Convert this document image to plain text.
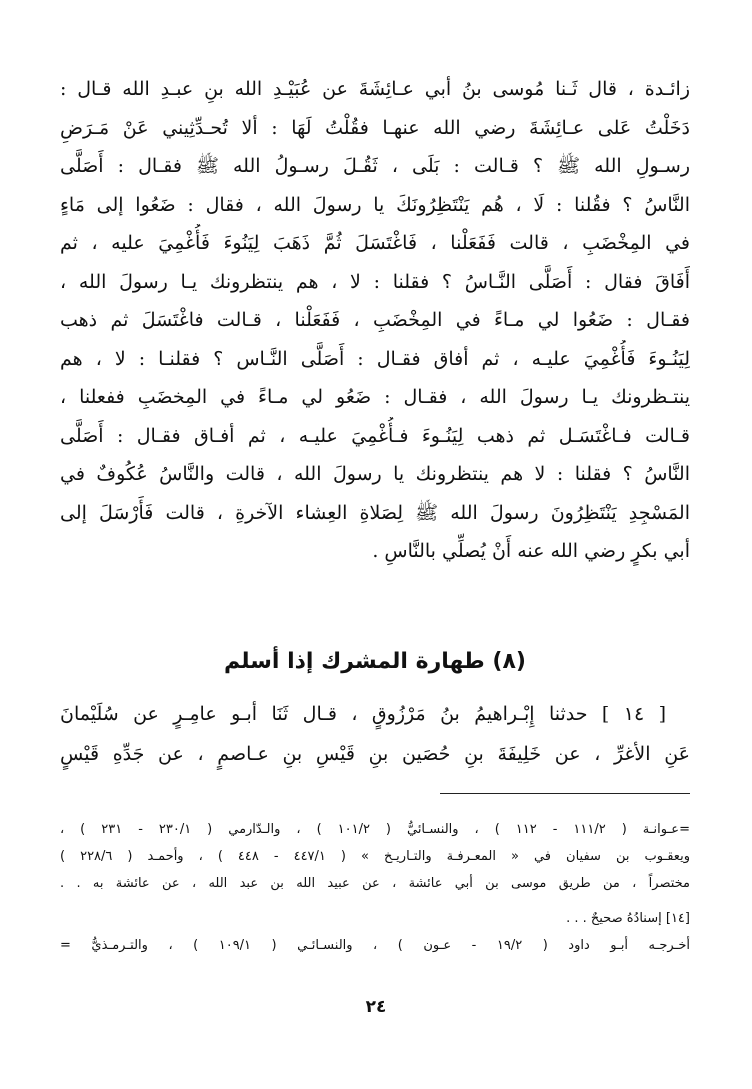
زائـدة ، قال ثَـنا مُوسى بنُ أبي عـائِشَةَ عن عُبَيْـدِ الله بنِ عبـدِ الله قـال :
دَخَلْتُ عَلى عـائِشَةَ رضي الله عنهـا فقُلْتُ لَهَا : ألا تُحـدِّثِيني عَنْ مَـرَضِ
رسـولِ الله ﷺ ؟ قـالت : بَلَى ، ثَقُـلَ رسـولُ الله ﷺ فقـال : أَصَلَّى
النَّاسُ ؟ فقُلنا : لَا ، هُم يَنْتَظِرُونَكَ يا رسولَ الله ، فقال : ضَعُوا إلى مَاءٍ
في المِخْضَبِ ، قالت فَفَعَلْنا ، فَاغْتَسَلَ ثُمَّ ذَهَبَ لِيَنُوءَ فَأُغْمِيَ عليه ، ثم
أَفَاقَ فقال : أَصَلَّى النَّـاسُ ؟ فقلنا : لا ، هم ينتظرونك يـا رسولَ الله ،
فقـال : ضَعُوا لي مـاءً في المِخْضَبِ ، فَفَعَلْنا ، قـالت فاغْتَسَلَ ثم ذهب
لِيَنُـوءَ فَأُغْمِيَ عليـه ، ثم أفاق فقـال : أَصَلَّى النَّـاس ؟ فقلنـا : لا ، هم
ينتـظرونك يـا رسولَ الله ، فقـال : ضَعُو لي مـاءً في المِخضَبِ ففعلنا ،
قـالت فـاغْتَسَـل ثم ذهب لِيَنُـوءَ فـأُغْمِيَ عليـه ، ثم أفـاق فقـال : أَصَلَّى
النَّاسُ ؟ فقلنا : لا هم ينتظرونك يا رسولَ الله ، قالت والنَّاسُ عُكُوفٌ في
المَسْجِدِ يَنْتَظِرُونَ رسولَ الله ﷺ لِصَلاةِ العِشاء الآخرةِ ، قالت فَأَرْسَلَ إلى
أبي بكرٍ رضي الله عنه أَنْ يُصلِّي بالنَّاسِ .
(٨) طهارة المشرك إذا أسلم
[ ١٤ ] حدثنا إِبْـراهيمُ بنُ مَرْزُوقٍ ، قـال ثَنَا أبـو عامِـرٍ عن سُلَيْمانَ
عَنِ الأغرِّ ، عن خَلِيفَةَ بنِ حُصَين بنِ قَيْسِ بنِ عـاصمٍ ، عن جَدِّهِ قَيْسٍ
=عـوانـة ( ١١١/٢ - ١١٢ ) ، والنسـائيُّ ( ١٠١/٢ ) ، والـدّارمي ( ٢٣٠/١ - ٢٣١ ) ،
ويعقـوب بن سفيان في « المعـرفـة والتـاريـخ » ( ٤٤٧/١ - ٤٤٨ ) ، وأحمـد ( ٢٢٨/٦ )
مختصراً ، من طريق موسى بن أبي عائشة ، عن عبيد الله بن عبد الله ، عن عائشة به . .
[١٤] إسنادُهُ صحيحٌ . . .
أخـرجـه أبـو داود ( ١٩/٢ - عـون ) ، والنسـائـي ( ١٠٩/١ ) ، والتـرمـذيُّ =
٢٤
